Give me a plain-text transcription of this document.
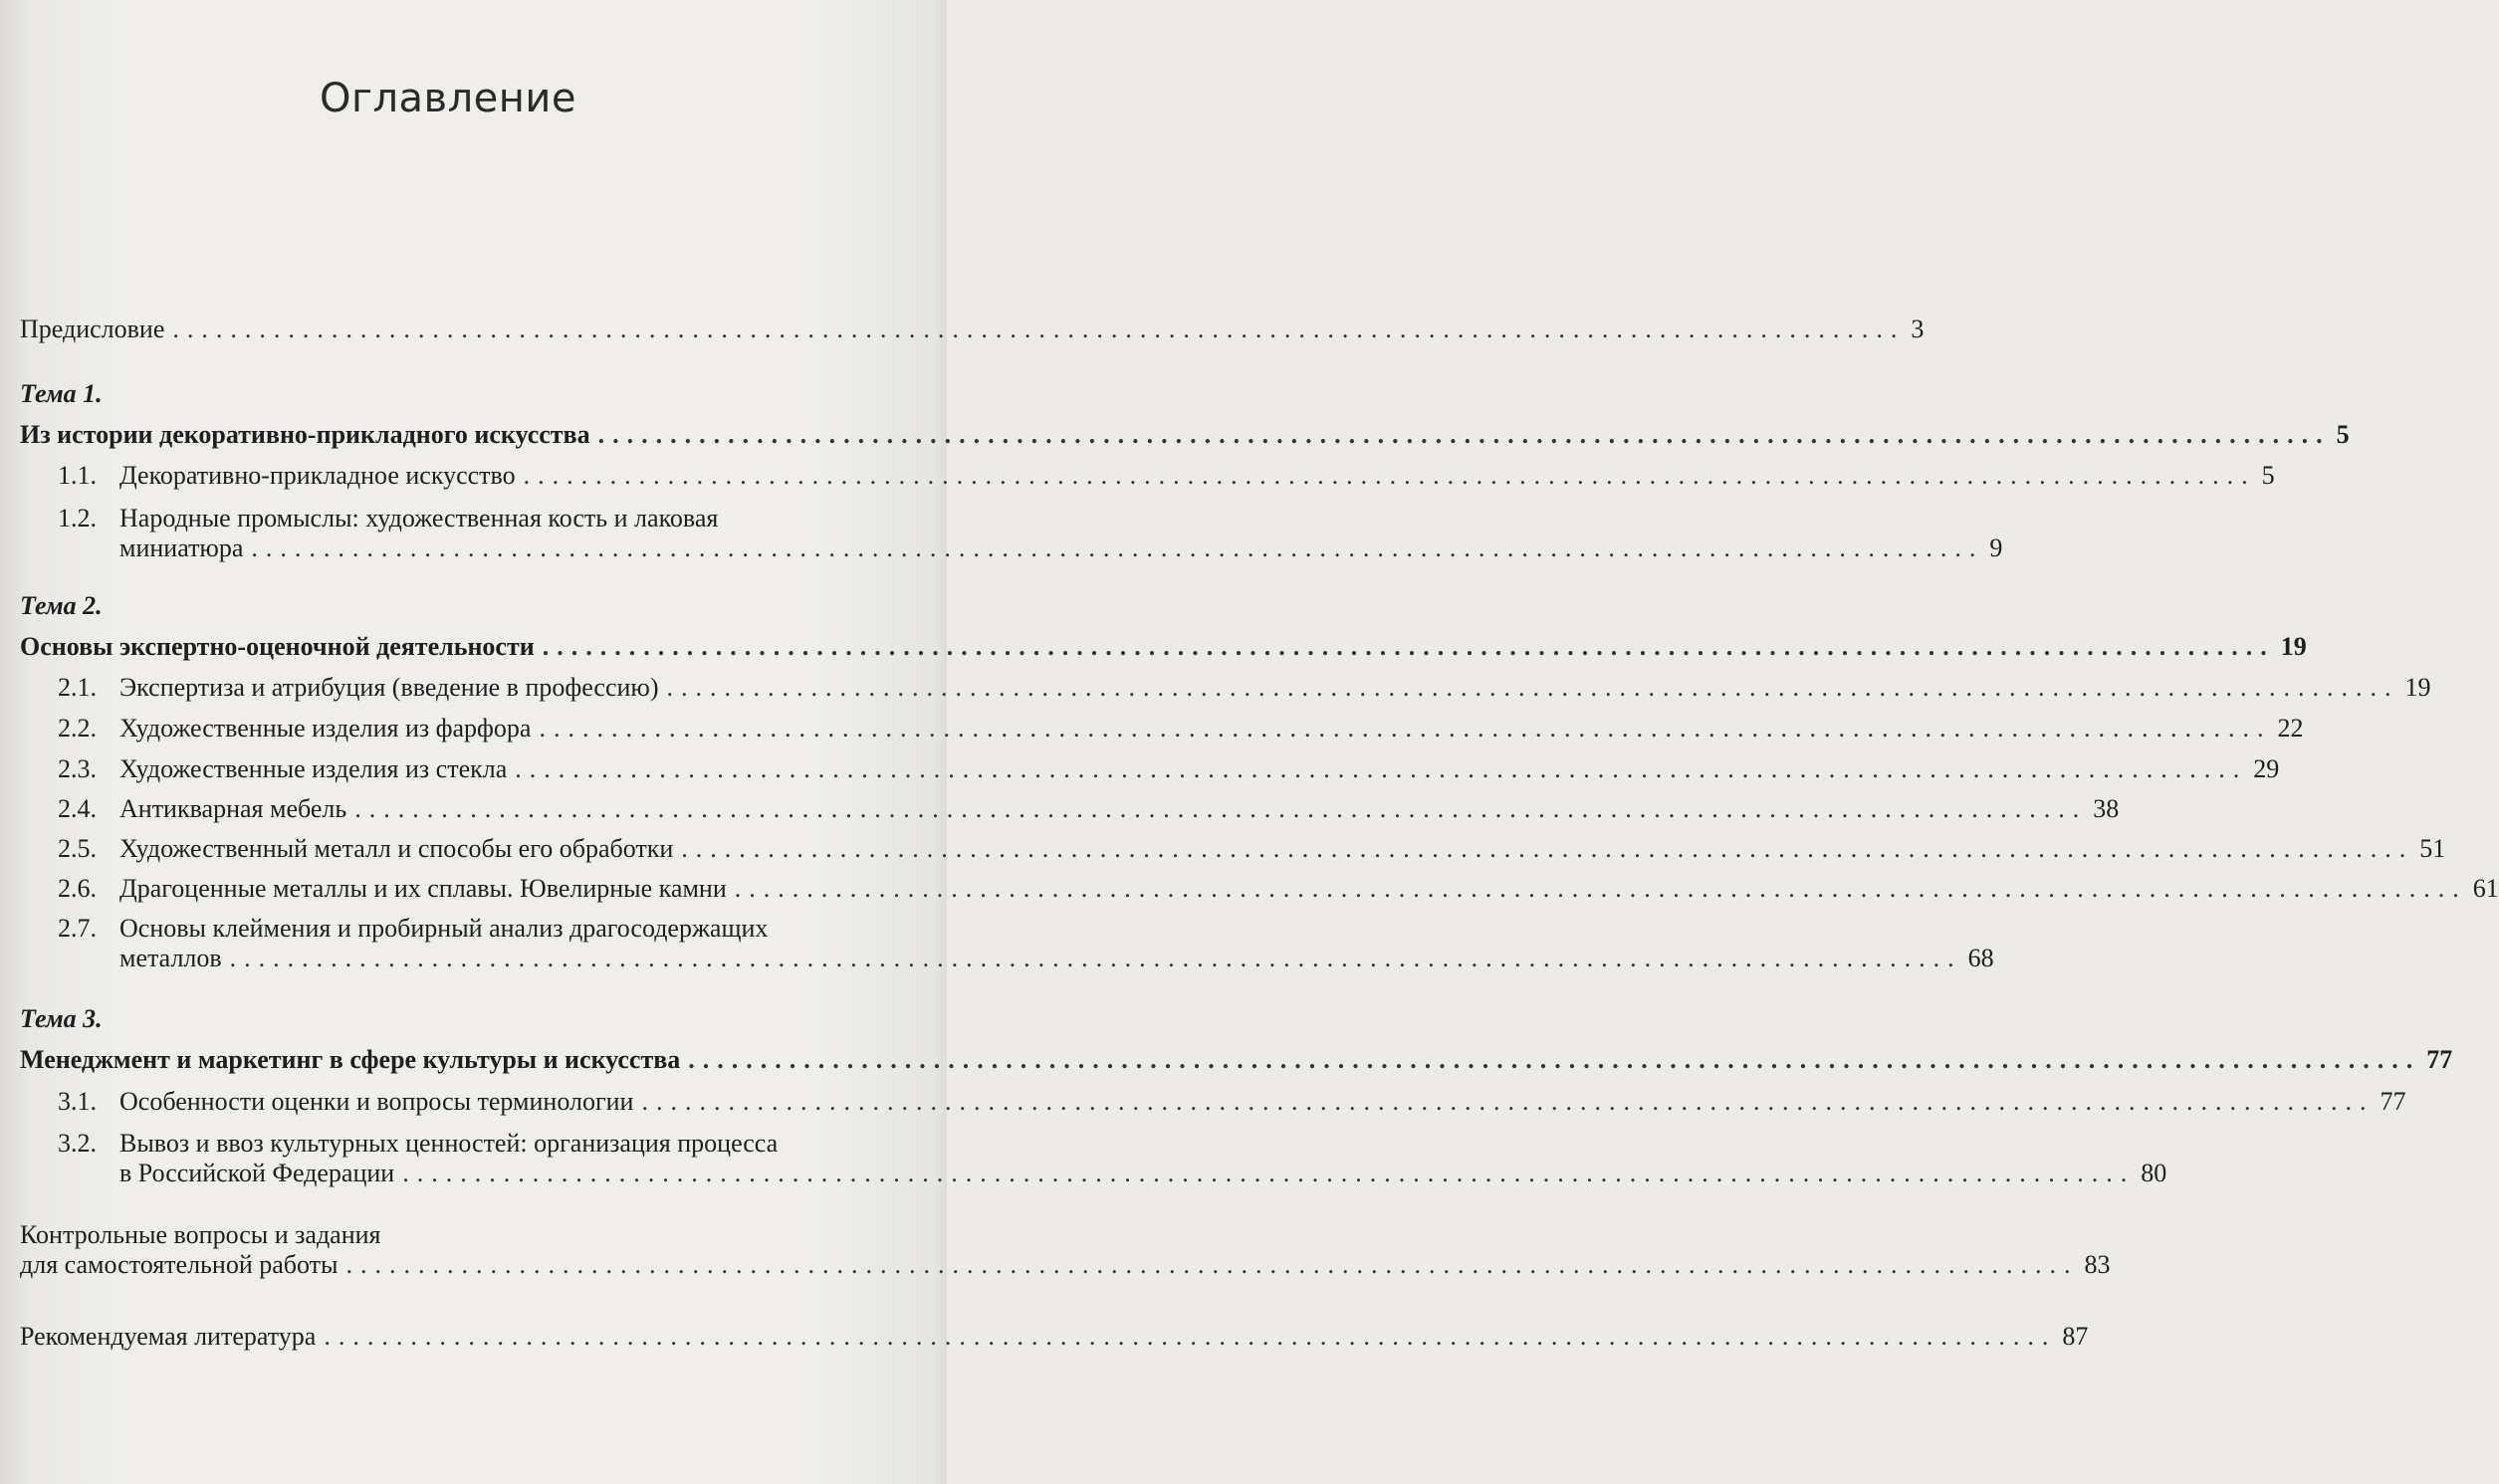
Оглавление
Предисловие ........................................................................................................................ 3
Тема 1.
Из истории декоративно-прикладного искусства ........................................................................................................................ 5
1.1. Декоративно-прикладное искусство ........................................................................................................................ 5
1.2. Народные промыслы: художественная кость и лаковая
миниатюра ........................................................................................................................ 9
Тема 2.
Основы экспертно-оценочной деятельности ........................................................................................................................ 19
2.1. Экспертиза и атрибуция (введение в профессию) ........................................................................................................................ 19
2.2. Художественные изделия из фарфора ........................................................................................................................ 22
2.3. Художественные изделия из стекла ........................................................................................................................ 29
2.4. Антикварная мебель ........................................................................................................................ 38
2.5. Художественный металл и способы его обработки ........................................................................................................................ 51
2.6. Драгоценные металлы и их сплавы. Ювелирные камни ........................................................................................................................ 61
2.7. Основы клеймения и пробирный анализ драгосодержащих
металлов ........................................................................................................................ 68
Тема 3.
Менеджмент и маркетинг в сфере культуры и искусства ........................................................................................................................ 77
3.1. Особенности оценки и вопросы терминологии ........................................................................................................................ 77
3.2. Вывоз и ввоз культурных ценностей: организация процесса
в Российской Федерации ........................................................................................................................ 80
Контрольные вопросы и задания
для самостоятельной работы ........................................................................................................................ 83
Рекомендуемая литература ........................................................................................................................ 87
